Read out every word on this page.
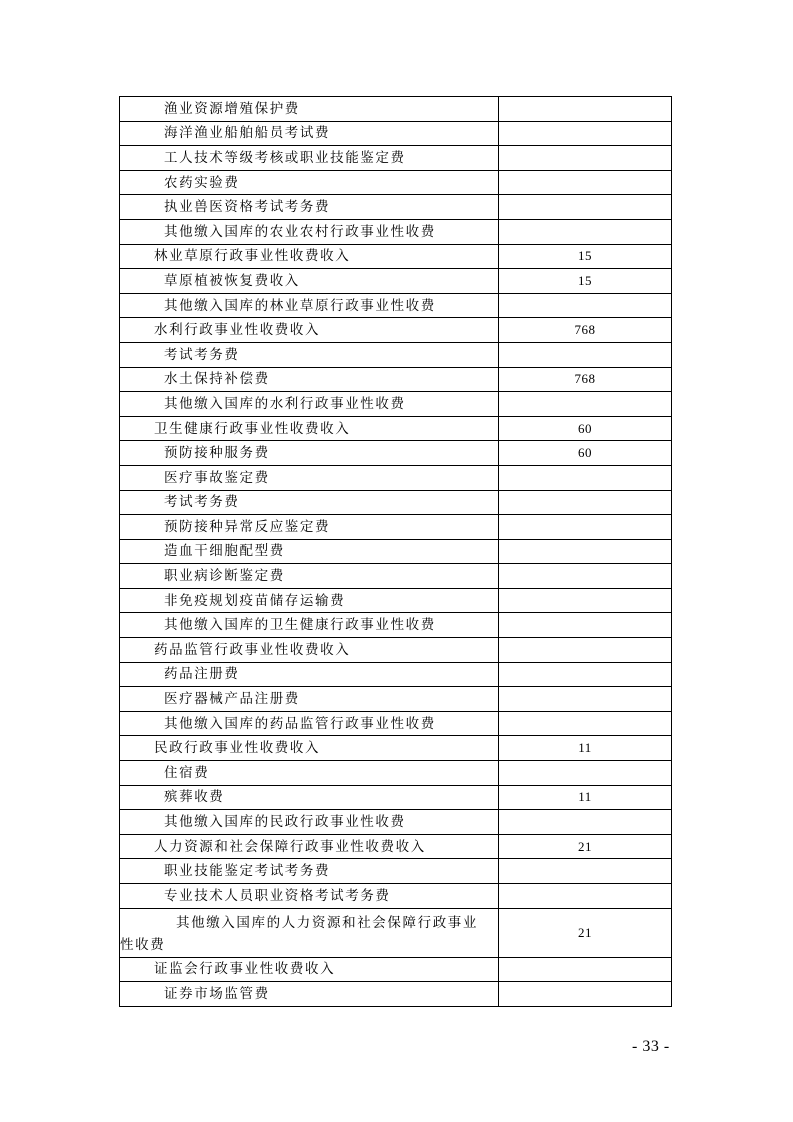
渔业资源增殖保护费	
海洋渔业船舶船员考试费	
工人技术等级考核或职业技能鉴定费	
农药实验费	
执业兽医资格考试考务费	
其他缴入国库的农业农村行政事业性收费	
林业草原行政事业性收费收入	15
草原植被恢复费收入	15
其他缴入国库的林业草原行政事业性收费	
水利行政事业性收费收入	768
考试考务费	
水土保持补偿费	768
其他缴入国库的水利行政事业性收费	
卫生健康行政事业性收费收入	60
预防接种服务费	60
医疗事故鉴定费	
考试考务费	
预防接种异常反应鉴定费	
造血干细胞配型费	
职业病诊断鉴定费	
非免疫规划疫苗储存运输费	
其他缴入国库的卫生健康行政事业性收费	
药品监管行政事业性收费收入	
药品注册费	
医疗器械产品注册费	
其他缴入国库的药品监管行政事业性收费	
民政行政事业性收费收入	11
住宿费	
殡葬收费	11
其他缴入国库的民政行政事业性收费	
人力资源和社会保障行政事业性收费收入	21
职业技能鉴定考试考务费	
专业技术人员职业资格考试考务费	

其他缴入国库的人力资源和社会保障行政事业性收费	21
证监会行政事业性收费收入	
证券市场监管费	
- 33 -
